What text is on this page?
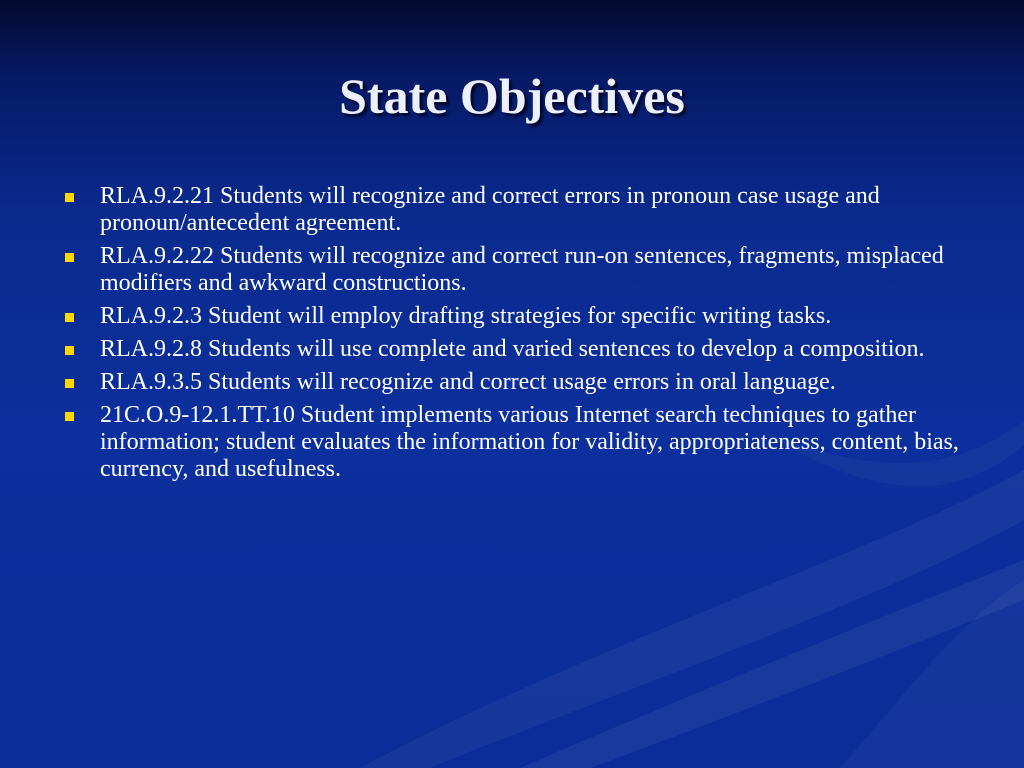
State Objectives
RLA.9.2.21 Students will recognize and correct errors in pronoun case usage and pronoun/antecedent agreement.
RLA.9.2.22 Students will recognize and correct run-on sentences, fragments, misplaced modifiers and awkward constructions.
RLA.9.2.3 Student will employ drafting strategies for specific writing tasks.
RLA.9.2.8 Students will use complete and varied sentences to develop a composition.
RLA.9.3.5 Students will recognize and correct usage errors in oral language.
21C.O.9-12.1.TT.10 Student implements various Internet search techniques to gather information; student evaluates the information for validity, appropriateness, content, bias, currency, and usefulness.
